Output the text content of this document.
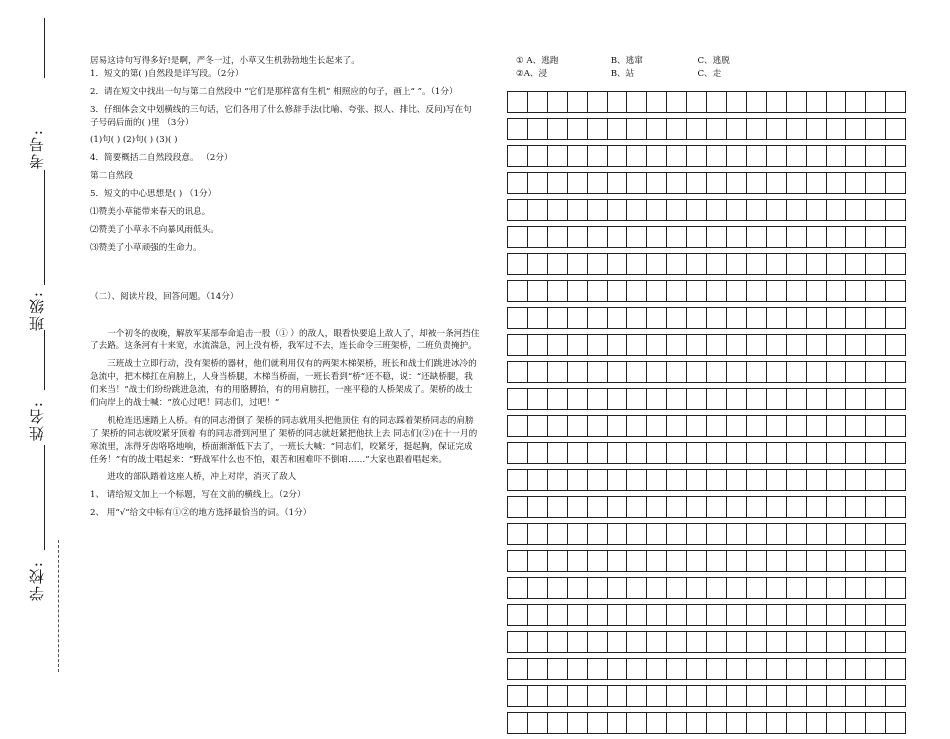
考号:
班级:
姓名:
学校:

居易这诗句写得多好!是啊，严冬一过，小草又生机勃勃地生长起来了。

1．短文的第( )自然段是详写段。（2分）

2．请在短文中找出一句与第二自然段中 “它们是那样富有生机” 相照应的句子，画上“ ”。（1分）

3．仔细体会文中划横线的三句话，它们各用了什么修辞手法(比喻、夸张、拟人、排比、反问)写在句子号码后面的( )里 （3分）

(1)句( ) (2)句( ) (3)( )

4．简要概括二自然段段意。 （2分）

第二自然段

5．短文的中心思想是( ) （1分）

⑴赞美小草能带来春天的讯息。

⑵赞美了小草永不向暴风雨低头。

⑶赞美了小草顽强的生命力。

（二）、阅读片段，回答问题。（14分）

一个初冬的夜晚，解放军某部奉命追击一股（① ）的敌人，眼看快要追上敌人了，却被一条河挡住了去路。这条河有十来宽，水流湍急，河上没有桥，我军过不去，连长命令三班架桥，二班负责掩护。

三班战士立即行动，没有架桥的器材，他们就利用仅有的两架木梯架桥，班长和战士们跳进冰冷的急流中，把木梯扛在肩膀上，人身当桥腿，木梯当桥面，一班长看到“桥”还不稳，说：“还缺桥腿，我们来当！”战士们纷纷跳进急流，有的用胳膊抬，有的用肩膀扛，一座平稳的人桥架成了。架桥的战士们向岸上的战士喊：“放心过吧！同志们，过吧！”

机枪连迅速踏上人桥。有的同志滑倒了 架桥的同志就用头把他顶住 有的同志踩着架桥同志的肩膀了 架桥的同志就咬紧牙顶着 有的同志滑到河里了 架桥的同志就赶紧把他扶上去 同志们(②)在十一月的寒流里，冻得牙齿咯咯地响，桥面渐渐低下去了，一班长大喊：“同志们，咬紧牙，挺起胸，保证完成任务！”有的战士唱起来：“野战军什么也不怕，艰苦和困难吓不倒咱……”大家也跟着唱起来。

进攻的部队踏着这座人桥，冲上对岸，消灭了敌人

1、 请给短文加上一个标题，写在文前的横线上。（2分）

2、 用“√”给文中标有①②的地方选择最恰当的词。（1分）

① A、逃跑	B、逃窜	C、逃脱
②A、浸	B、站	C、走
